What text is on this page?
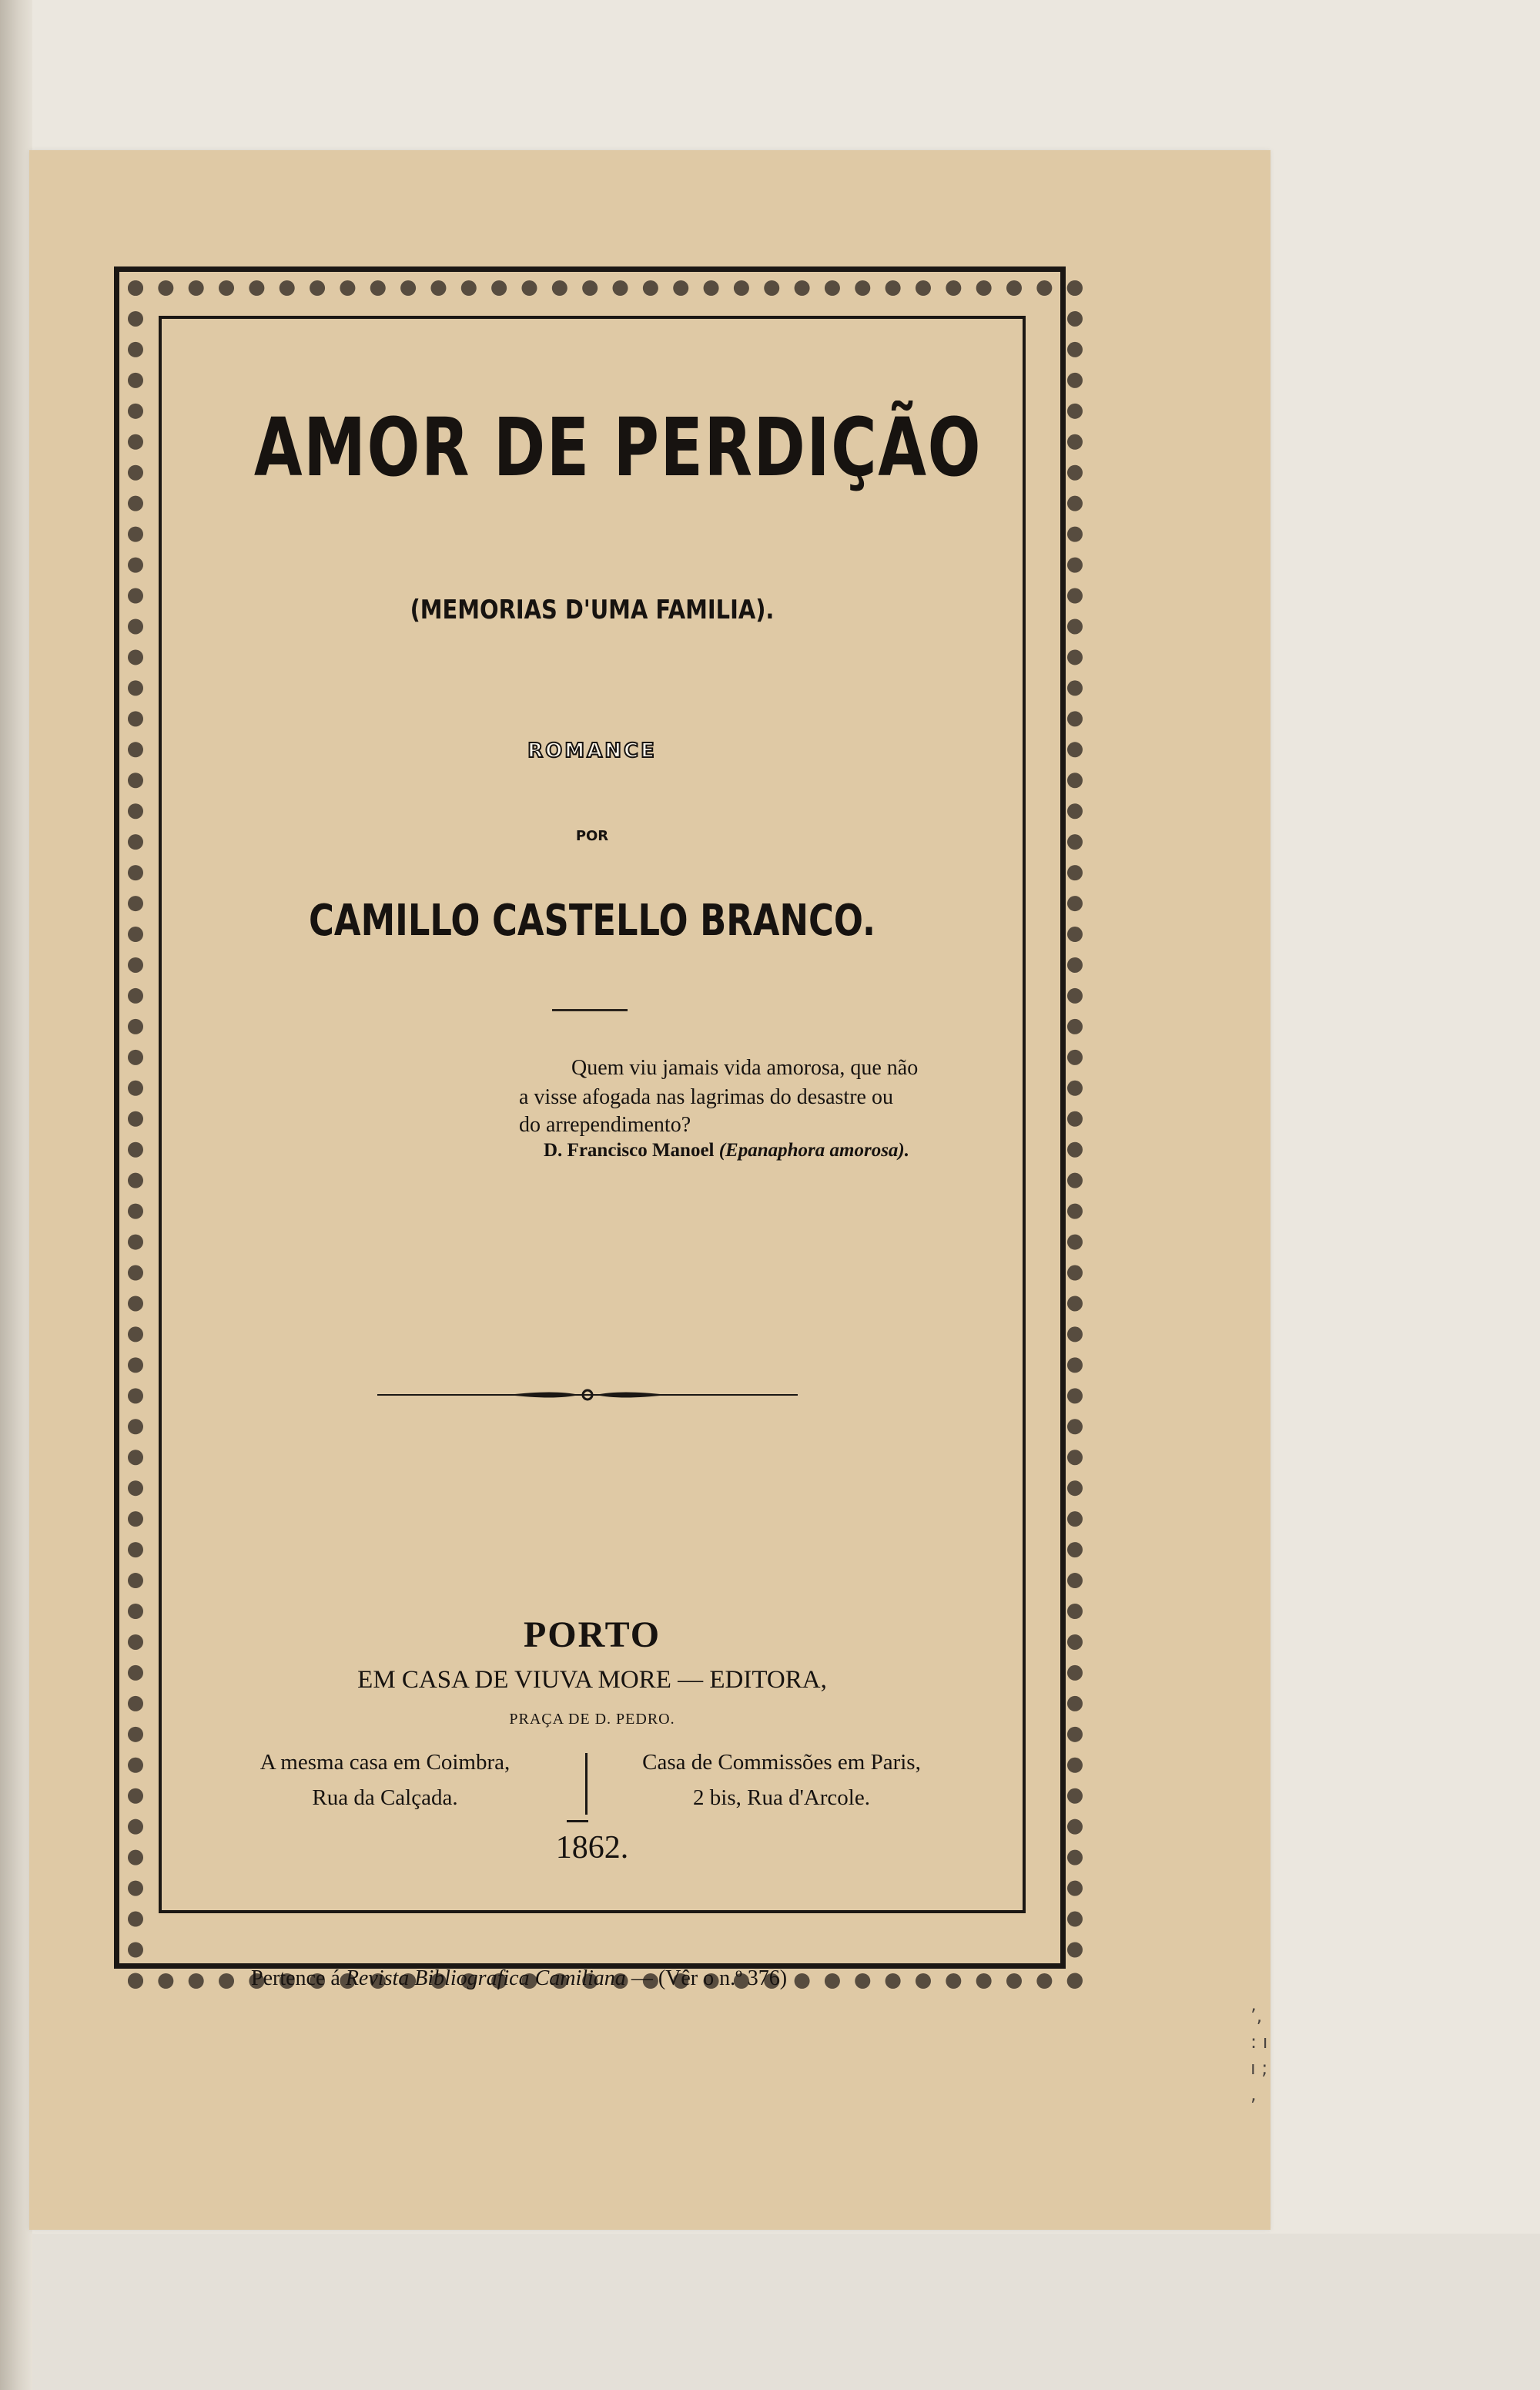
AMOR DE PERDIÇÃO
(MEMORIAS D'UMA FAMILIA).
ROMANCE
POR
CAMILLO CASTELLO BRANCO.
Quem viu jamais vida amorosa, que não
a visse afogada nas lagrimas do desastre ou
do arrependimento?
D. Francisco Manoel (Epanaphora amorosa).
PORTO
EM CASA DE VIUVA MORE — EDITORA,
PRAÇA DE D. PEDRO.
A mesma casa em Coimbra,
Rua da Calçada.
Casa de Commissões em Paris,
2 bis, Rua d'Arcole.
1862.
Pertence á Revista Bibliografica Camiliana — (Vêr o n.º 376)
’, : ı ı ; ,
